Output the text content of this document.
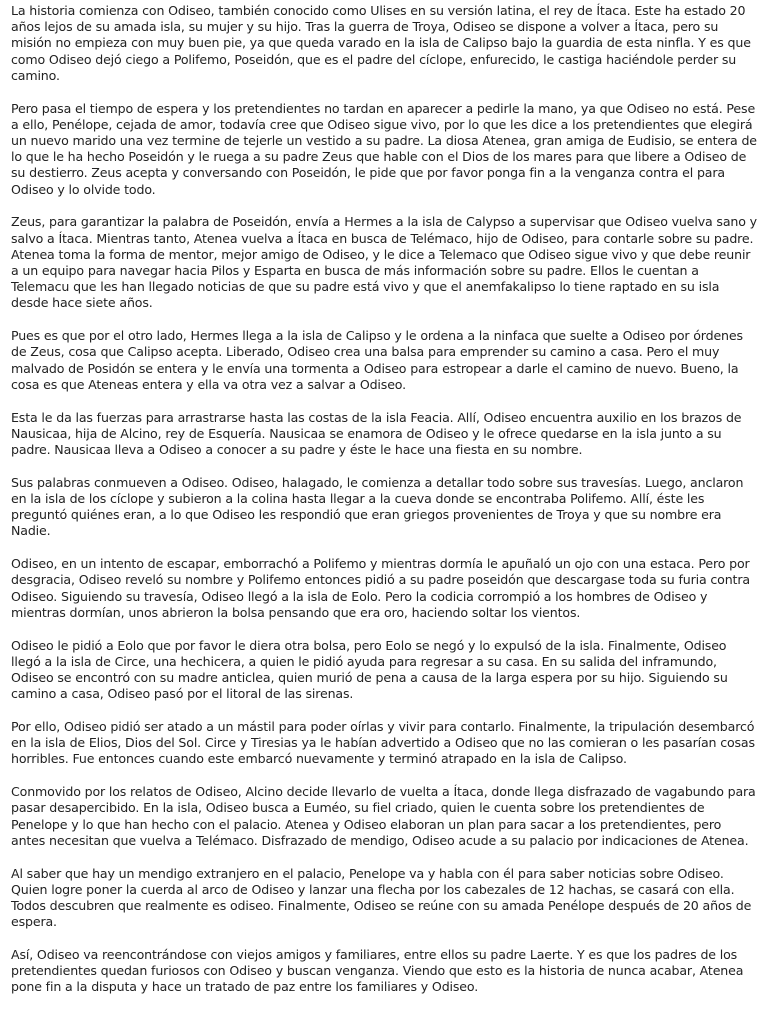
La historia comienza con Odiseo, también conocido como Ulises en su versión latina, el rey de Ítaca. Este ha estado 20 años lejos de su amada isla, su mujer y su hijo. Tras la guerra de Troya, Odiseo se dispone a volver a Ítaca, pero su misión no empieza con muy buen pie, ya que queda varado en la isla de Calipso bajo la guardia de esta ninfla. Y es que como Odiseo dejó ciego a Polifemo, Poseidón, que es el padre del cíclope, enfurecido, le castiga haciéndole perder su camino.

Pero pasa el tiempo de espera y los pretendientes no tardan en aparecer a pedirle la mano, ya que Odiseo no está. Pese a ello, Penélope, cejada de amor, todavía cree que Odiseo sigue vivo, por lo que les dice a los pretendientes que elegirá un nuevo marido una vez termine de tejerle un vestido a su padre. La diosa Atenea, gran amiga de Eudisio, se entera de lo que le ha hecho Poseidón y le ruega a su padre Zeus que hable con el Dios de los mares para que libere a Odiseo de su destierro. Zeus acepta y conversando con Poseidón, le pide que por favor ponga fin a la venganza contra el para Odiseo y lo olvide todo.

Zeus, para garantizar la palabra de Poseidón, envía a Hermes a la isla de Calypso a supervisar que Odiseo vuelva sano y salvo a Ítaca. Mientras tanto, Atenea vuelva a Ítaca en busca de Telémaco, hijo de Odiseo, para contarle sobre su padre. Atenea toma la forma de mentor, mejor amigo de Odiseo, y le dice a Telemaco que Odiseo sigue vivo y que debe reunir a un equipo para navegar hacia Pilos y Esparta en busca de más información sobre su padre. Ellos le cuentan a Telemacu que les han llegado noticias de que su padre está vivo y que el anemfakalipso lo tiene raptado en su isla desde hace siete años.

Pues es que por el otro lado, Hermes llega a la isla de Calipso y le ordena a la ninfaca que suelte a Odiseo por órdenes de Zeus, cosa que Calipso acepta. Liberado, Odiseo crea una balsa para emprender su camino a casa. Pero el muy malvado de Posidón se entera y le envía una tormenta a Odiseo para estropear a darle el camino de nuevo. Bueno, la cosa es que Ateneas entera y ella va otra vez a salvar a Odiseo.

Esta le da las fuerzas para arrastrarse hasta las costas de la isla Feacia. Allí, Odiseo encuentra auxilio en los brazos de Nausicaa, hija de Alcino, rey de Esquería. Nausicaa se enamora de Odiseo y le ofrece quedarse en la isla junto a su padre. Nausicaa lleva a Odiseo a conocer a su padre y éste le hace una fiesta en su nombre.

Sus palabras conmueven a Odiseo. Odiseo, halagado, le comienza a detallar todo sobre sus travesías. Luego, anclaron en la isla de los cíclope y subieron a la colina hasta llegar a la cueva donde se encontraba Polifemo. Allí, éste les preguntó quiénes eran, a lo que Odiseo les respondió que eran griegos provenientes de Troya y que su nombre era Nadie.

Odiseo, en un intento de escapar, emborrachó a Polifemo y mientras dormía le apuñaló un ojo con una estaca. Pero por desgracia, Odiseo reveló su nombre y Polifemo entonces pidió a su padre poseidón que descargase toda su furia contra Odiseo. Siguiendo su travesía, Odiseo llegó a la isla de Eolo. Pero la codicia corrompió a los hombres de Odiseo y mientras dormían, unos abrieron la bolsa pensando que era oro, haciendo soltar los vientos.

Odiseo le pidió a Eolo que por favor le diera otra bolsa, pero Eolo se negó y lo expulsó de la isla. Finalmente, Odiseo llegó a la isla de Circe, una hechicera, a quien le pidió ayuda para regresar a su casa. En su salida del inframundo, Odiseo se encontró con su madre anticlea, quien murió de pena a causa de la larga espera por su hijo. Siguiendo su camino a casa, Odiseo pasó por el litoral de las sirenas.

Por ello, Odiseo pidió ser atado a un mástil para poder oírlas y vivir para contarlo. Finalmente, la tripulación desembarcó en la isla de Elios, Dios del Sol. Circe y Tiresias ya le habían advertido a Odiseo que no las comieran o les pasarían cosas horribles. Fue entonces cuando este embarcó nuevamente y terminó atrapado en la isla de Calipso.

Conmovido por los relatos de Odiseo, Alcino decide llevarlo de vuelta a Ítaca, donde llega disfrazado de vagabundo para pasar desapercibido. En la isla, Odiseo busca a Euméo, su fiel criado, quien le cuenta sobre los pretendientes de Penelope y lo que han hecho con el palacio. Atenea y Odiseo elaboran un plan para sacar a los pretendientes, pero antes necesitan que vuelva a Telémaco. Disfrazado de mendigo, Odiseo acude a su palacio por indicaciones de Atenea.

Al saber que hay un mendigo extranjero en el palacio, Penelope va y habla con él para saber noticias sobre Odiseo. Quien logre poner la cuerda al arco de Odiseo y lanzar una flecha por los cabezales de 12 hachas, se casará con ella. Todos descubren que realmente es odiseo. Finalmente, Odiseo se reúne con su amada Penélope después de 20 años de espera.

Así, Odiseo va reencontrándose con viejos amigos y familiares, entre ellos su padre Laerte. Y es que los padres de los pretendientes quedan furiosos con Odiseo y buscan venganza. Viendo que esto es la historia de nunca acabar, Atenea pone fin a la disputa y hace un tratado de paz entre los familiares y Odiseo.
